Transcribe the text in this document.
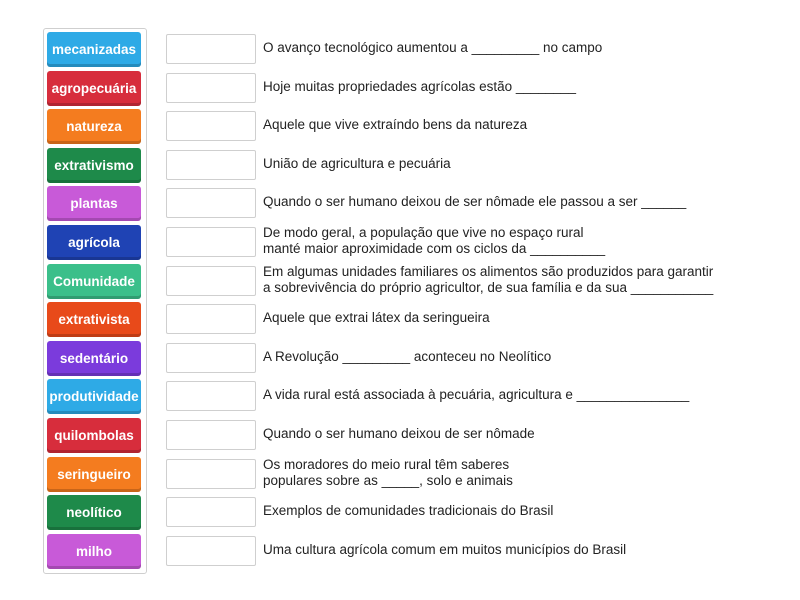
mecanizadas
agropecuária
natureza
extrativismo
plantas
agrícola
Comunidade
extrativista
sedentário
produtividade
quilombolas
seringueiro
neolítico
milho
O avanço tecnológico aumentou a _________ no campo
Hoje muitas propriedades agrícolas estão ________
Aquele que vive extraíndo bens da natureza
União de agricultura e pecuária
Quando o ser humano deixou de ser nômade ele passou a ser ______
De modo geral, a população que vive no espaço rural
manté maior aproximidade com os ciclos da __________
Em algumas unidades familiares os alimentos são produzidos para garantir
a sobrevivência do próprio agricultor, de sua família e da sua ___________
Aquele que extrai látex da seringueira
A Revolução _________ aconteceu no Neolítico
A vida rural está associada à pecuária, agricultura e _______________
Quando o ser humano deixou de ser nômade
Os moradores do meio rural têm saberes
populares sobre as _____, solo e animais
Exemplos de comunidades tradicionais do Brasil
Uma cultura agrícola comum em muitos municípios do Brasil
